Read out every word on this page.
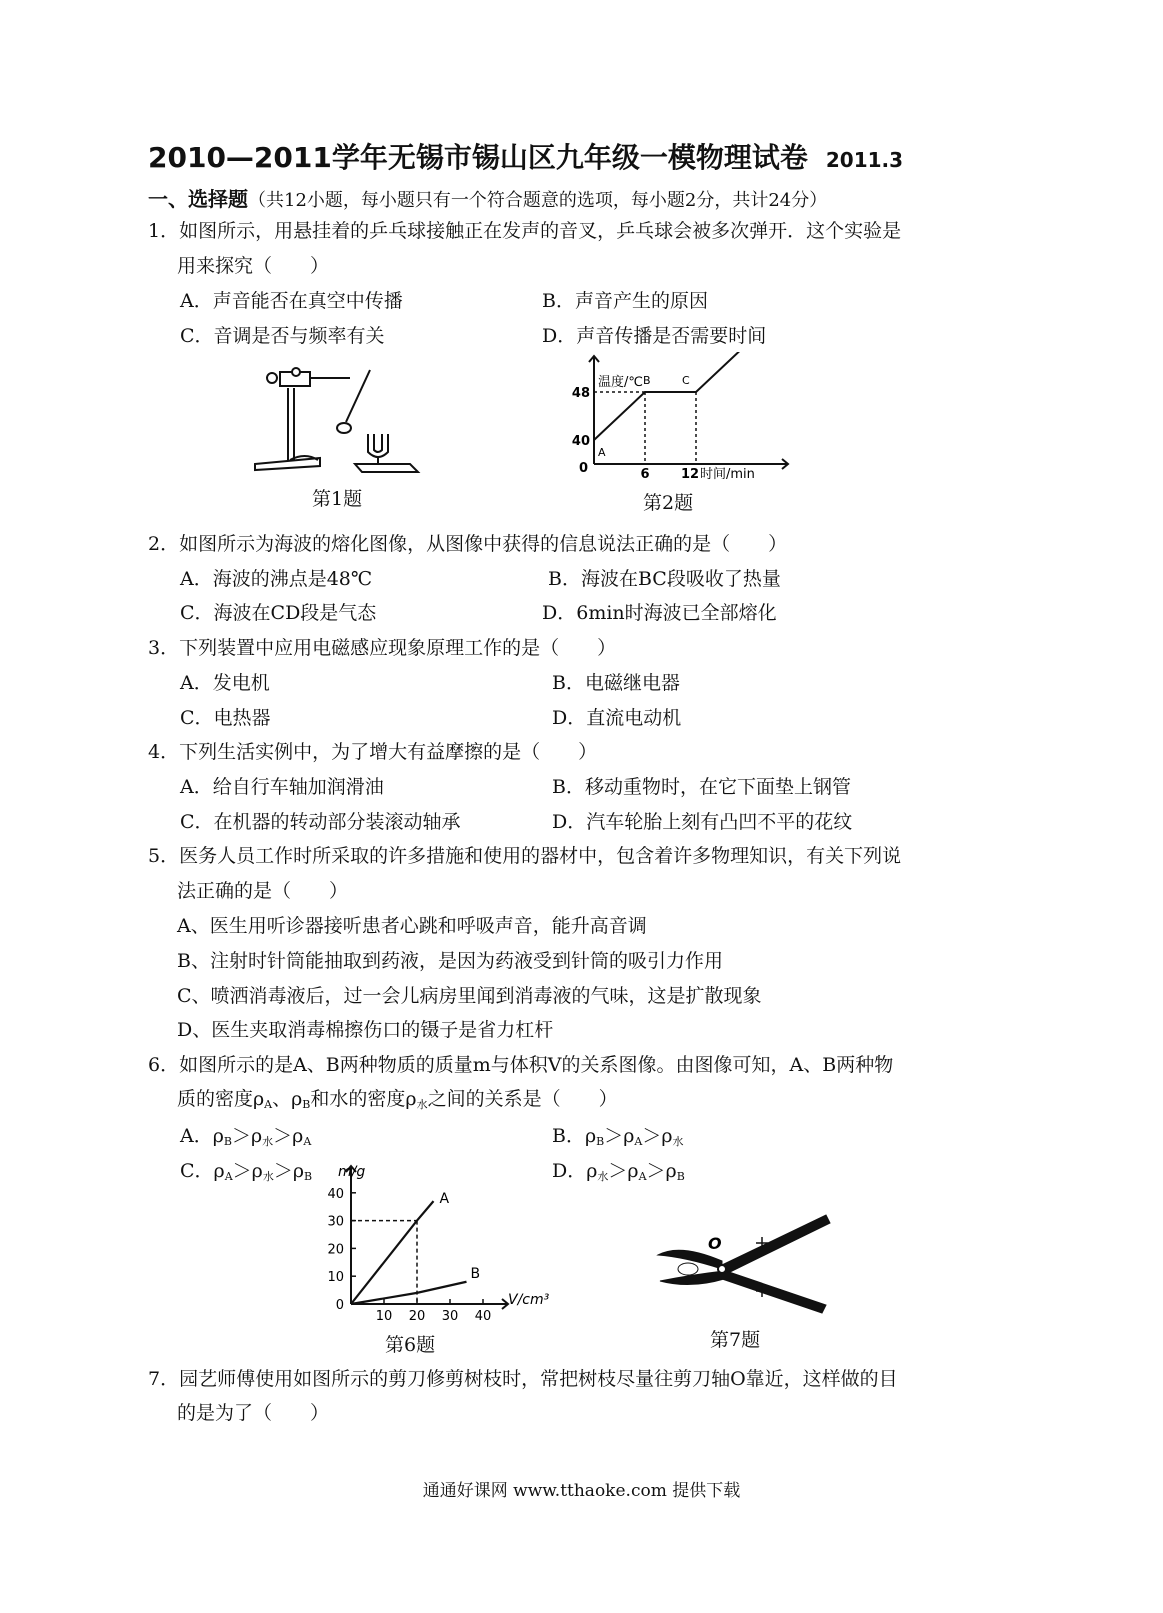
2010—2011学年无锡市锡山区九年级一模物理试卷 2011.3
一、选择题（共12小题，每小题只有一个符合题意的选项，每小题2分，共计24分）
1．如图所示，用悬挂着的乒乓球接触正在发声的音叉，乒乓球会被多次弹开．这个实验是
用来探究（　　）
A．声音能否在真空中传播	B．声音产生的原因
C．音调是否与频率有关	D．声音传播是否需要时间
第1题
温度/℃
48
40
0	6 12 时间/min
A
B	C
第2题
2．如图所示为海波的熔化图像，从图像中获得的信息说法正确的是（　　）
A．海波的沸点是48℃	B．海波在BC段吸收了热量
C．海波在CD段是气态	D．6min时海波已全部熔化
3．下列装置中应用电磁感应现象原理工作的是（　　）
A．发电机	B．电磁继电器
C．电热器	D．直流电动机
4．下列生活实例中，为了增大有益摩擦的是（　　）
A．给自行车轴加润滑油	B．移动重物时，在它下面垫上钢管
C．在机器的转动部分装滚动轴承	D．汽车轮胎上刻有凸凹不平的花纹
5．医务人员工作时所采取的许多措施和使用的器材中，包含着许多物理知识，有关下列说
法正确的是（　　）
A、医生用听诊器接听患者心跳和呼吸声音，能升高音调
B、注射时针筒能抽取到药液，是因为药液受到针筒的吸引力作用
C、喷洒消毒液后，过一会儿病房里闻到消毒液的气味，这是扩散现象
D、医生夹取消毒棉擦伤口的镊子是省力杠杆
6．如图所示的是A、B两种物质的质量m与体积V的关系图像。由图像可知，A、B两种物
质的密度$\rho_A$、$\rho_B$和水的密度$\rho_水$之间的关系是（　　）
A．$\rho_B>\rho_水>\rho_A$	B．$\rho_B>\rho_A>\rho_水$
C．$\rho_A>\rho_水>\rho_B$	D．$\rho_水>\rho_A>\rho_B$
m/g
40
30
20
10
0
10 20 30 40
V/cm³
A
B
第6题
O
第7题
7．园艺师傅使用如图所示的剪刀修剪树枝时，常把树枝尽量往剪刀轴O靠近，这样做的目
的是为了（　　）
通通好课网 www.tthaoke.com 提供下载
